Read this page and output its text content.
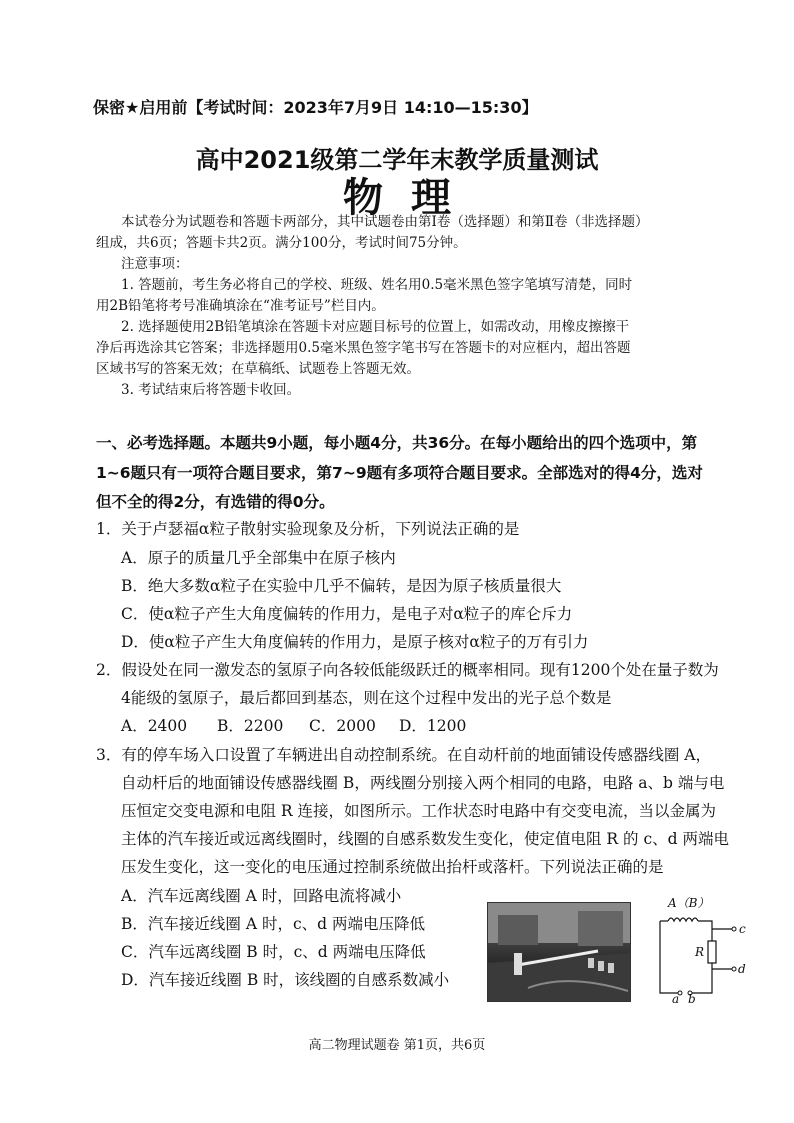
保密★启用前【考试时间：2023年7月9日 14:10—15:30】
高中2021级第二学年末教学质量测试
物理
本试卷分为试题卷和答题卡两部分，其中试题卷由第Ⅰ卷（选择题）和第Ⅱ卷（非选择题）
组成，共6页；答题卡共2页。满分100分，考试时间75分钟。
注意事项：
1. 答题前，考生务必将自己的学校、班级、姓名用0.5毫米黑色签字笔填写清楚，同时
用2B铅笔将考号准确填涂在“准考证号”栏目内。
2. 选择题使用2B铅笔填涂在答题卡对应题目标号的位置上，如需改动，用橡皮擦擦干
净后再选涂其它答案；非选择题用0.5毫米黑色签字笔书写在答题卡的对应框内，超出答题
区域书写的答案无效；在草稿纸、试题卷上答题无效。
3. 考试结束后将答题卡收回。
一、必考选择题。本题共9小题，每小题4分，共36分。在每小题给出的四个选项中，第
1~6题只有一项符合题目要求，第7~9题有多项符合题目要求。全部选对的得4分，选对
但不全的得2分，有选错的得0分。
1．关于卢瑟福α粒子散射实验现象及分析，下列说法正确的是
A．原子的质量几乎全部集中在原子核内
B．绝大多数α粒子在实验中几乎不偏转，是因为原子核质量很大
C．使α粒子产生大角度偏转的作用力，是电子对α粒子的库仑斥力
D．使α粒子产生大角度偏转的作用力，是原子核对α粒子的万有引力
2．假设处在同一激发态的氢原子向各较低能级跃迁的概率相同。现有1200个处在量子数为
4能级的氢原子，最后都回到基态，则在这个过程中发出的光子总个数是
A．2400 B．2200 C．2000 D．1200
3．有的停车场入口设置了车辆进出自动控制系统。在自动杆前的地面铺设传感器线圈 A，
自动杆后的地面铺设传感器线圈 B，两线圈分别接入两个相同的电路，电路 a、b 端与电
压恒定交变电源和电阻 R 连接，如图所示。工作状态时电路中有交变电流，当以金属为
主体的汽车接近或远离线圈时，线圈的自感系数发生变化，使定值电阻 R 的 c、d 两端电
压发生变化，这一变化的电压通过控制系统做出抬杆或落杆。下列说法正确的是
A．汽车远离线圈 A 时，回路电流将减小
B．汽车接近线圈 A 时，c、d 两端电压降低
C．汽车远离线圈 B 时，c、d 两端电压降低
D．汽车接近线圈 B 时，该线圈的自感系数减小
A（B）
c
d
R
a b
高二物理试题卷 第1页，共6页
